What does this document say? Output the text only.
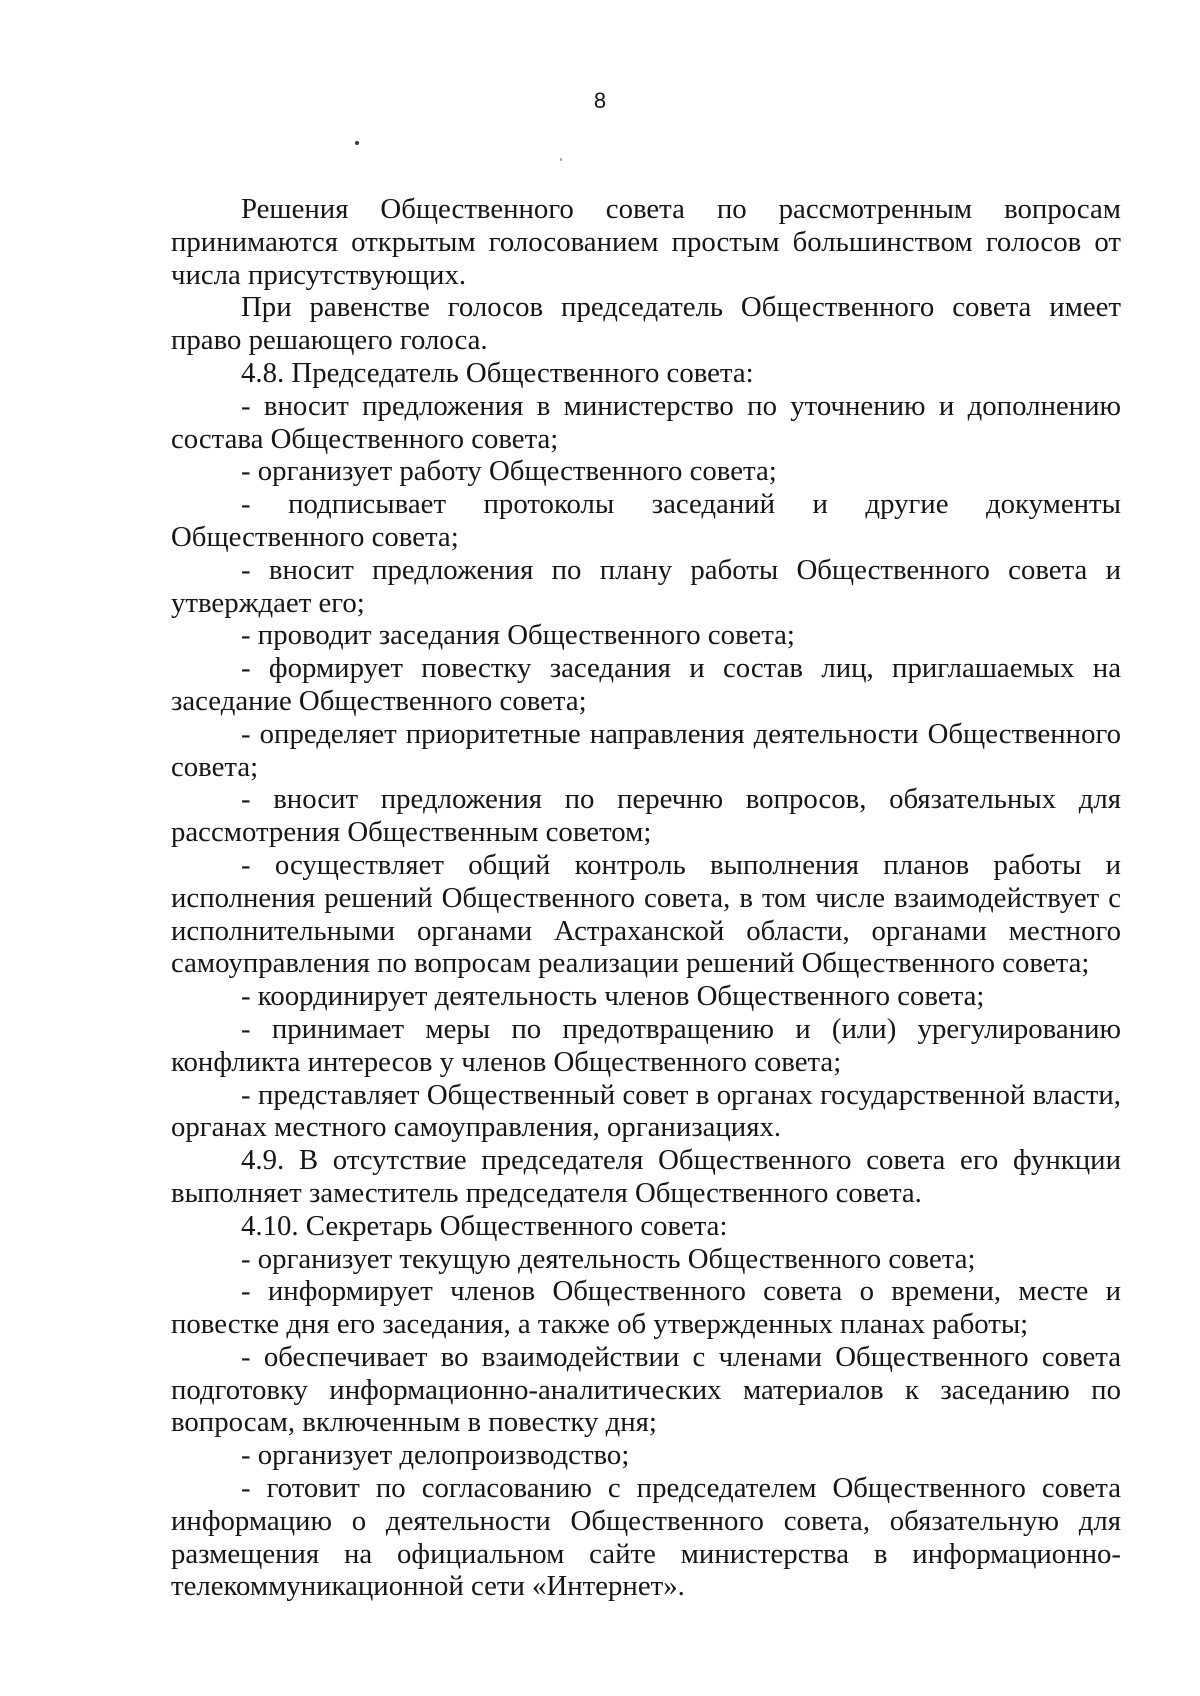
8

Решения Общественного совета по рассмотренным вопросам принимаются открытым голосованием простым большинством голосов от числа присутствующих.

При равенстве голосов председатель Общественного совета имеет право решающего голоса.

4.8. Председатель Общественного совета:

- вносит предложения в министерство по уточнению и дополнению состава Общественного совета;

- организует работу Общественного совета;

- подписывает протоколы заседаний и другие документы Общественного совета;

- вносит предложения по плану работы Общественного совета и утверждает его;

- проводит заседания Общественного совета;

- формирует повестку заседания и состав лиц, приглашаемых на заседание Общественного совета;

- определяет приоритетные направления деятельности Общественного совета;

- вносит предложения по перечню вопросов, обязательных для рассмотрения Общественным советом;

- осуществляет общий контроль выполнения планов работы и исполнения решений Общественного совета, в том числе взаимодействует с исполнительными органами Астраханской области, органами местного самоуправления по вопросам реализации решений Общественного совета;

- координирует деятельность членов Общественного совета;

- принимает меры по предотвращению и (или) урегулированию конфликта интересов у членов Общественного совета;

- представляет Общественный совет в органах государственной власти, органах местного самоуправления, организациях.

4.9. В отсутствие председателя Общественного совета его функции выполняет заместитель председателя Общественного совета.

4.10. Секретарь Общественного совета:

- организует текущую деятельность Общественного совета;

- информирует членов Общественного совета о времени, месте и повестке дня его заседания, а также об утвержденных планах работы;

- обеспечивает во взаимодействии с членами Общественного совета подготовку информационно-аналитических материалов к заседанию по вопросам, включенным в повестку дня;

- организует делопроизводство;

- готовит по согласованию с председателем Общественного совета информацию о деятельности Общественного совета, обязательную для размещения на официальном сайте министерства в информационно-телекоммуникационной сети «Интернет».
